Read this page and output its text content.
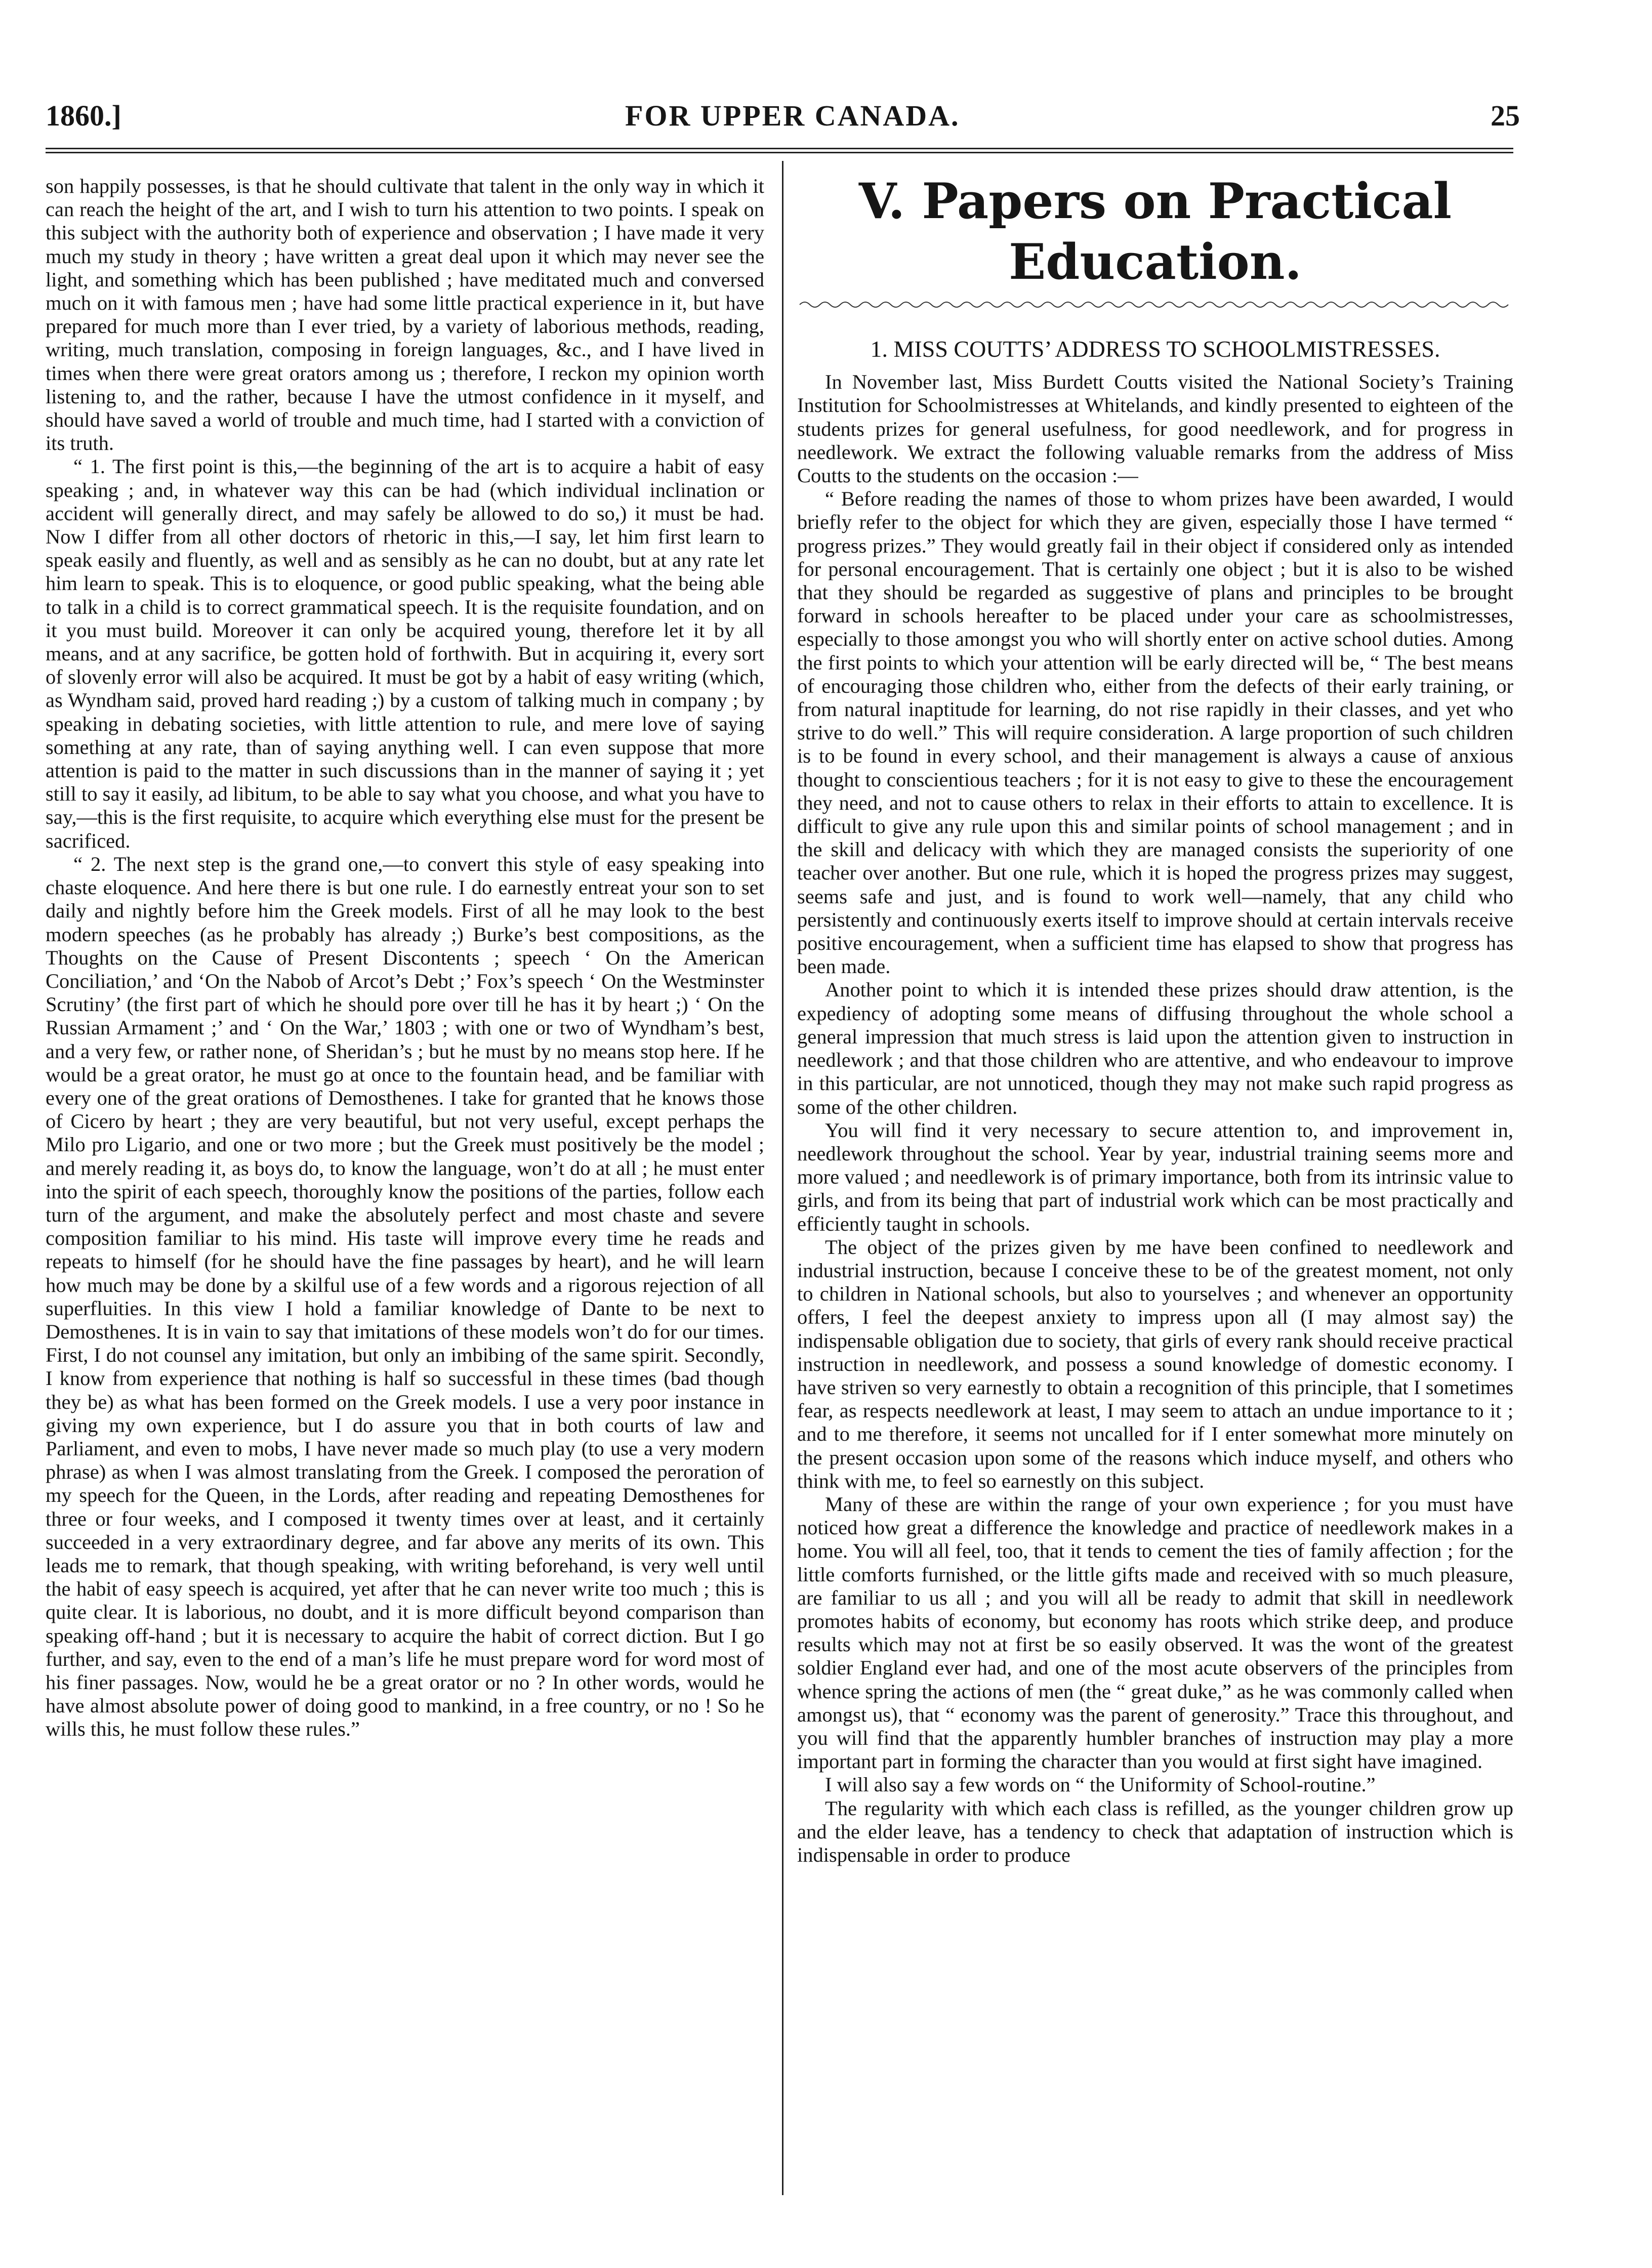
1860.]	FOR UPPER CANADA.	25

son happily possesses, is that he should cultivate that talent in the only way in which it can reach the height of the art, and I wish to turn his attention to two points. I speak on this subject with the authority both of experience and observation ; I have made it very much my study in theory ; have written a great deal upon it which may never see the light, and something which has been published ; have meditated much and conversed much on it with famous men ; have had some little practical experience in it, but have prepared for much more than I ever tried, by a variety of laborious methods, reading, writing, much translation, composing in foreign languages, &c., and I have lived in times when there were great orators among us ; therefore, I reckon my opinion worth listening to, and the rather, because I have the utmost confidence in it myself, and should have saved a world of trouble and much time, had I started with a conviction of its truth.

“ 1. The first point is this,—the beginning of the art is to acquire a habit of easy speaking ; and, in whatever way this can be had (which individual inclination or accident will generally direct, and may safely be allowed to do so,) it must be had. Now I differ from all other doctors of rhetoric in this,—I say, let him first learn to speak easily and fluently, as well and as sensibly as he can no doubt, but at any rate let him learn to speak. This is to eloquence, or good public speaking, what the being able to talk in a child is to correct grammatical speech. It is the requisite foundation, and on it you must build. Moreover it can only be acquired young, therefore let it by all means, and at any sacrifice, be gotten hold of forthwith. But in acquiring it, every sort of slovenly error will also be acquired. It must be got by a habit of easy writing (which, as Wyndham said, proved hard reading ;) by a custom of talking much in company ; by speaking in debating societies, with little attention to rule, and mere love of saying something at any rate, than of saying anything well. I can even suppose that more attention is paid to the matter in such discussions than in the manner of saying it ; yet still to say it easily, ad libitum, to be able to say what you choose, and what you have to say,—this is the first requisite, to acquire which everything else must for the present be sacrificed.

“ 2. The next step is the grand one,—to convert this style of easy speaking into chaste eloquence. And here there is but one rule. I do earnestly entreat your son to set daily and nightly before him the Greek models. First of all he may look to the best modern speeches (as he probably has already ;) Burke’s best compositions, as the Thoughts on the Cause of Present Discontents ; speech ‘ On the American Conciliation,’ and ‘On the Nabob of Arcot’s Debt ;’ Fox’s speech ‘ On the Westminster Scrutiny’ (the first part of which he should pore over till he has it by heart ;) ‘ On the Russian Armament ;’ and ‘ On the War,’ 1803 ; with one or two of Wyndham’s best, and a very few, or rather none, of Sheridan’s ; but he must by no means stop here. If he would be a great orator, he must go at once to the fountain head, and be familiar with every one of the great orations of Demosthenes. I take for granted that he knows those of Cicero by heart ; they are very beautiful, but not very useful, except perhaps the Milo pro Ligario, and one or two more ; but the Greek must positively be the model ; and merely reading it, as boys do, to know the language, won’t do at all ; he must enter into the spirit of each speech, thoroughly know the positions of the parties, follow each turn of the argument, and make the absolutely perfect and most chaste and severe composition familiar to his mind. His taste will improve every time he reads and repeats to himself (for he should have the fine passages by heart), and he will learn how much may be done by a skilful use of a few words and a rigorous rejection of all superfluities. In this view I hold a familiar knowledge of Dante to be next to Demosthenes. It is in vain to say that imitations of these models won’t do for our times. First, I do not counsel any imitation, but only an imbibing of the same spirit. Secondly, I know from experience that nothing is half so successful in these times (bad though they be) as what has been formed on the Greek models. I use a very poor instance in giving my own experience, but I do assure you that in both courts of law and Parliament, and even to mobs, I have never made so much play (to use a very modern phrase) as when I was almost translating from the Greek. I composed the peroration of my speech for the Queen, in the Lords, after reading and repeating Demosthenes for three or four weeks, and I composed it twenty times over at least, and it certainly succeeded in a very extraordinary degree, and far above any merits of its own. This leads me to remark, that though speaking, with writing beforehand, is very well until the habit of easy speech is acquired, yet after that he can never write too much ; this is quite clear. It is laborious, no doubt, and it is more difficult beyond comparison than speaking off-hand ; but it is necessary to acquire the habit of correct diction. But I go further, and say, even to the end of a man’s life he must prepare word for word most of his finer passages. Now, would he be a great orator or no ? In other words, would he have almost absolute power of doing good to mankind, in a free country, or no ! So he wills this, he must follow these rules.”

V. Papers on Practical Education.
1. MISS COUTTS’ ADDRESS TO SCHOOLMISTRESSES.

In November last, Miss Burdett Coutts visited the National Society’s Training Institution for Schoolmistresses at Whitelands, and kindly presented to eighteen of the students prizes for general usefulness, for good needlework, and for progress in needlework. We extract the following valuable remarks from the address of Miss Coutts to the students on the occasion :—

“ Before reading the names of those to whom prizes have been awarded, I would briefly refer to the object for which they are given, especially those I have termed “ progress prizes.” They would greatly fail in their object if considered only as intended for personal encouragement. That is certainly one object ; but it is also to be wished that they should be regarded as suggestive of plans and principles to be brought forward in schools hereafter to be placed under your care as schoolmistresses, especially to those amongst you who will shortly enter on active school duties. Among the first points to which your attention will be early directed will be, “ The best means of encouraging those children who, either from the defects of their early training, or from natural inaptitude for learning, do not rise rapidly in their classes, and yet who strive to do well.” This will require consideration. A large proportion of such children is to be found in every school, and their management is always a cause of anxious thought to conscientious teachers ; for it is not easy to give to these the encouragement they need, and not to cause others to relax in their efforts to attain to excellence. It is difficult to give any rule upon this and similar points of school management ; and in the skill and delicacy with which they are managed consists the superiority of one teacher over another. But one rule, which it is hoped the progress prizes may suggest, seems safe and just, and is found to work well—namely, that any child who persistently and continuously exerts itself to improve should at certain intervals receive positive encouragement, when a sufficient time has elapsed to show that progress has been made.

Another point to which it is intended these prizes should draw attention, is the expediency of adopting some means of diffusing throughout the whole school a general impression that much stress is laid upon the attention given to instruction in needlework ; and that those children who are attentive, and who endeavour to improve in this particular, are not unnoticed, though they may not make such rapid progress as some of the other children.

You will find it very necessary to secure attention to, and improvement in, needlework throughout the school. Year by year, industrial training seems more and more valued ; and needlework is of primary importance, both from its intrinsic value to girls, and from its being that part of industrial work which can be most practically and efficiently taught in schools.

The object of the prizes given by me have been confined to needlework and industrial instruction, because I conceive these to be of the greatest moment, not only to children in National schools, but also to yourselves ; and whenever an opportunity offers, I feel the deepest anxiety to impress upon all (I may almost say) the indispensable obligation due to society, that girls of every rank should receive practical instruction in needlework, and possess a sound knowledge of domestic economy. I have striven so very earnestly to obtain a recognition of this principle, that I sometimes fear, as respects needlework at least, I may seem to attach an undue importance to it ; and to me therefore, it seems not uncalled for if I enter somewhat more minutely on the present occasion upon some of the reasons which induce myself, and others who think with me, to feel so earnestly on this subject.

Many of these are within the range of your own experience ; for you must have noticed how great a difference the knowledge and practice of needlework makes in a home. You will all feel, too, that it tends to cement the ties of family affection ; for the little comforts furnished, or the little gifts made and received with so much pleasure, are familiar to us all ; and you will all be ready to admit that skill in needlework promotes habits of economy, but economy has roots which strike deep, and produce results which may not at first be so easily observed. It was the wont of the greatest soldier England ever had, and one of the most acute observers of the principles from whence spring the actions of men (the “ great duke,” as he was commonly called when amongst us), that “ economy was the parent of generosity.” Trace this throughout, and you will find that the apparently humbler branches of instruction may play a more important part in forming the character than you would at first sight have imagined.

I will also say a few words on “ the Uniformity of School-routine.”

The regularity with which each class is refilled, as the younger children grow up and the elder leave, has a tendency to check that adaptation of instruction which is indispensable in order to produce
